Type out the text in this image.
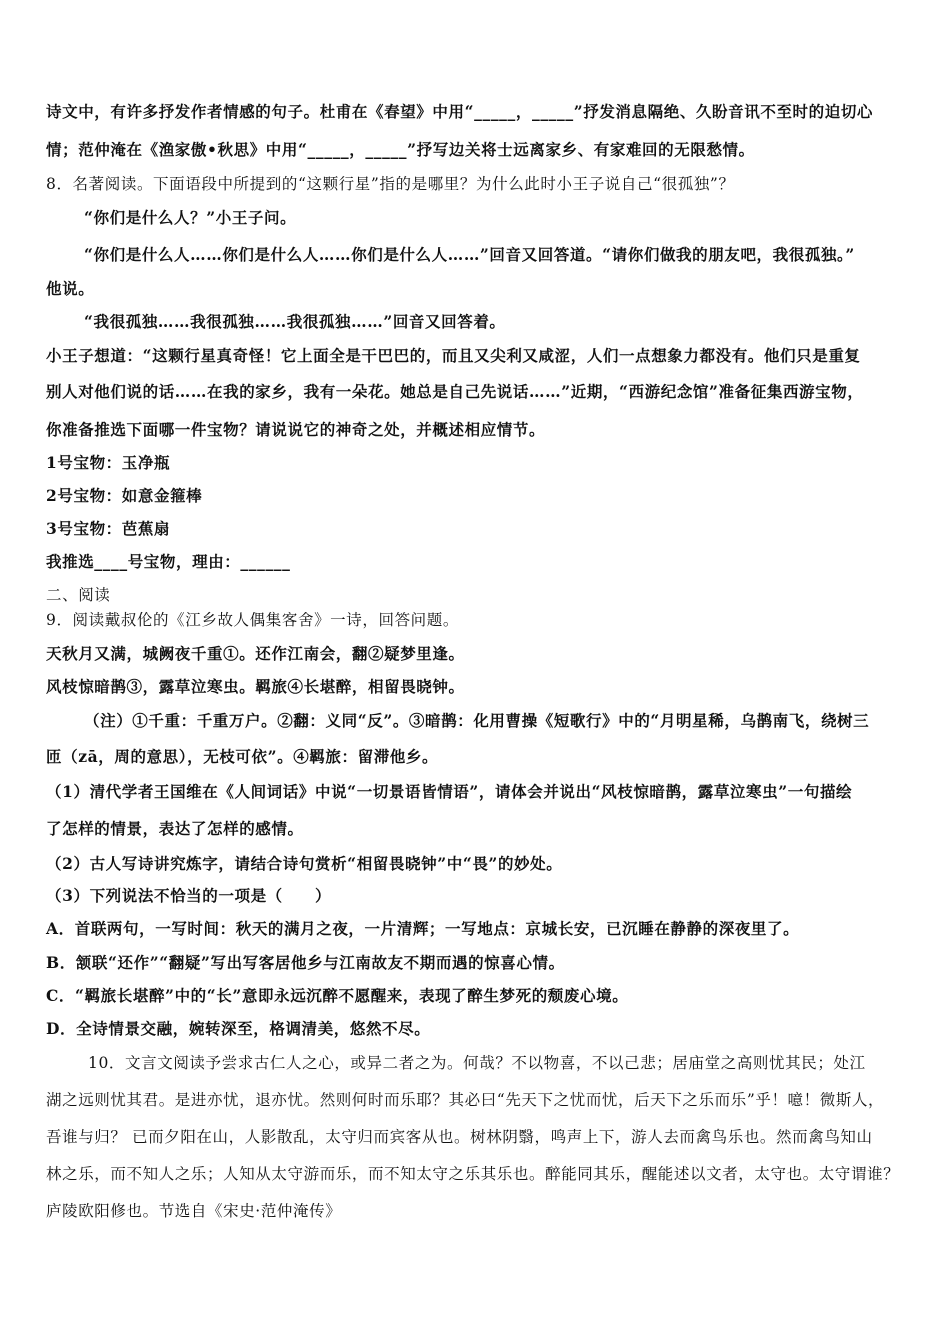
诗文中，有许多抒发作者情感的句子。杜甫在《春望》中用“_____，_____”抒发消息隔绝、久盼音讯不至时的迫切心
情；范仲淹在《渔家傲•秋思》中用“_____，_____”抒写边关将士远离家乡、有家难回的无限愁情。
8．名著阅读。下面语段中所提到的“这颗行星”指的是哪里？为什么此时小王子说自己“很孤独”？
“你们是什么人？”小王子问。
“你们是什么人……你们是什么人……你们是什么人……”回音又回答道。“请你们做我的朋友吧，我很孤独。”
他说。
“我很孤独……我很孤独……我很孤独……”回音又回答着。
小王子想道：“这颗行星真奇怪！它上面全是干巴巴的，而且又尖利又咸涩，人们一点想象力都没有。他们只是重复
别人对他们说的话……在我的家乡，我有一朵花。她总是自己先说话……”近期，“西游纪念馆”准备征集西游宝物，
你准备推选下面哪一件宝物？请说说它的神奇之处，并概述相应情节。
1号宝物：玉净瓶
2号宝物：如意金箍棒
3号宝物：芭蕉扇
我推选____号宝物，理由：______
二、阅读
9．阅读戴叔伦的《江乡故人偶集客舍》一诗，回答问题。
天秋月又满，城阙夜千重①。还作江南会，翻②疑梦里逢。
风枝惊暗鹊③，露草泣寒虫。羁旅④长堪醉，相留畏晓钟。
（注）①千重：千重万户。②翻：义同“反”。③暗鹊：化用曹操《短歌行》中的“月明星稀，乌鹊南飞，绕树三
匝（zā，周的意思），无枝可依”。④羁旅：留滞他乡。
（1）清代学者王国维在《人间词话》中说“一切景语皆情语”，请体会并说出“风枝惊暗鹊，露草泣寒虫”一句描绘
了怎样的情景，表达了怎样的感情。
（2）古人写诗讲究炼字，请结合诗句赏析“相留畏晓钟”中“畏”的妙处。
（3）下列说法不恰当的一项是（　　）
A．首联两句，一写时间：秋天的满月之夜，一片清辉；一写地点：京城长安，已沉睡在静静的深夜里了。
B．颔联“还作”“翻疑”写出写客居他乡与江南故友不期而遇的惊喜心情。
C．“羁旅长堪醉”中的“长”意即永远沉醉不愿醒来，表现了醉生梦死的颓废心境。
D．全诗情景交融，婉转深至，格调清美，悠然不尽。
10．文言文阅读予尝求古仁人之心，或异二者之为。何哉？不以物喜，不以己悲；居庙堂之高则忧其民；处江
湖之远则忧其君。是进亦忧，退亦忧。然则何时而乐耶？其必曰“先天下之忧而忧，后天下之乐而乐”乎！噫！微斯人，
吾谁与归？ 已而夕阳在山，人影散乱，太守归而宾客从也。树林阴翳，鸣声上下，游人去而禽鸟乐也。然而禽鸟知山
林之乐，而不知人之乐；人知从太守游而乐，而不知太守之乐其乐也。醉能同其乐，醒能述以文者，太守也。太守谓谁？
庐陵欧阳修也。节选自《宋史·范仲淹传》
